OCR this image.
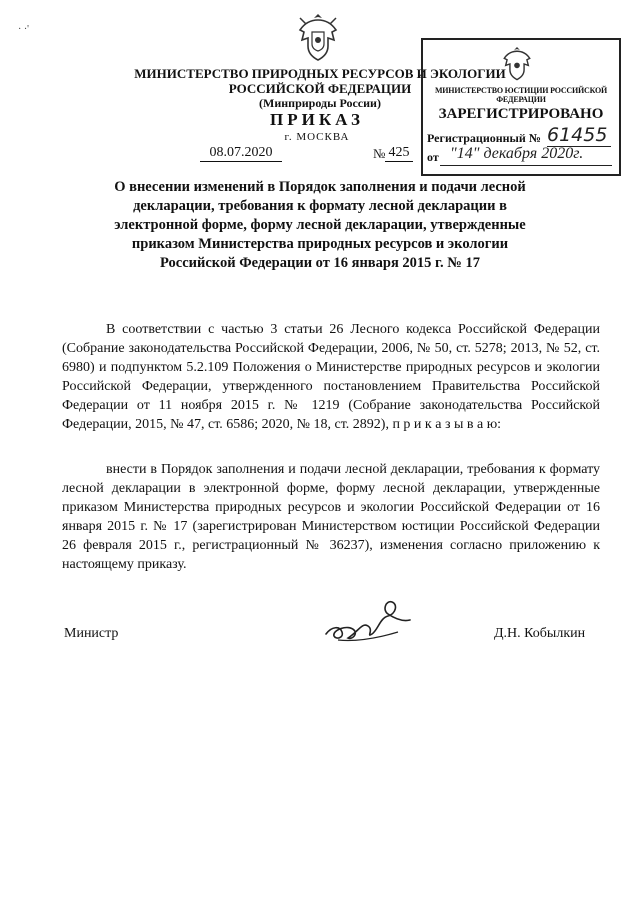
· ·'
МИНИСТЕРСТВО ПРИРОДНЫХ РЕСУРСОВ И ЭКОЛОГИИ
РОССИЙСКОЙ ФЕДЕРАЦИИ
(Минприроды России)
ПРИКАЗ
г. МОСКВА
08.07.2020	№ 425
МИНИСТЕРСТВО ЮСТИЦИИ РОССИЙСКОЙ ФЕДЕРАЦИИ
ЗАРЕГИСТРИРОВАНО
Регистрационный № 61455
от "14" декабря 2020г.
О внесении изменений в Порядок заполнения и подачи лесной декларации, требования к формату лесной декларации в электронной форме, форму лесной декларации, утвержденные приказом Министерства природных ресурсов и экологии Российской Федерации от 16 января 2015 г. № 17
В соответствии с частью 3 статьи 26 Лесного кодекса Российской Федерации (Собрание законодательства Российской Федерации, 2006, № 50, ст. 5278; 2013, № 52, ст. 6980) и подпунктом 5.2.109 Положения о Министерстве природных ресурсов и экологии Российской Федерации, утвержденного постановлением Правительства Российской Федерации от 11 ноября 2015 г. № 1219 (Собрание законодательства Российской Федерации, 2015, № 47, ст. 6586; 2020, № 18, ст. 2892), п р и к а з ы в а ю:
внести в Порядок заполнения и подачи лесной декларации, требования к формату лесной декларации в электронной форме, форму лесной декларации, утвержденные приказом Министерства природных ресурсов и экологии Российской Федерации от 16 января 2015 г. № 17 (зарегистрирован Министерством юстиции Российской Федерации 26 февраля 2015 г., регистрационный № 36237), изменения согласно приложению к настоящему приказу.
Министр	Д.Н. Кобылкин
